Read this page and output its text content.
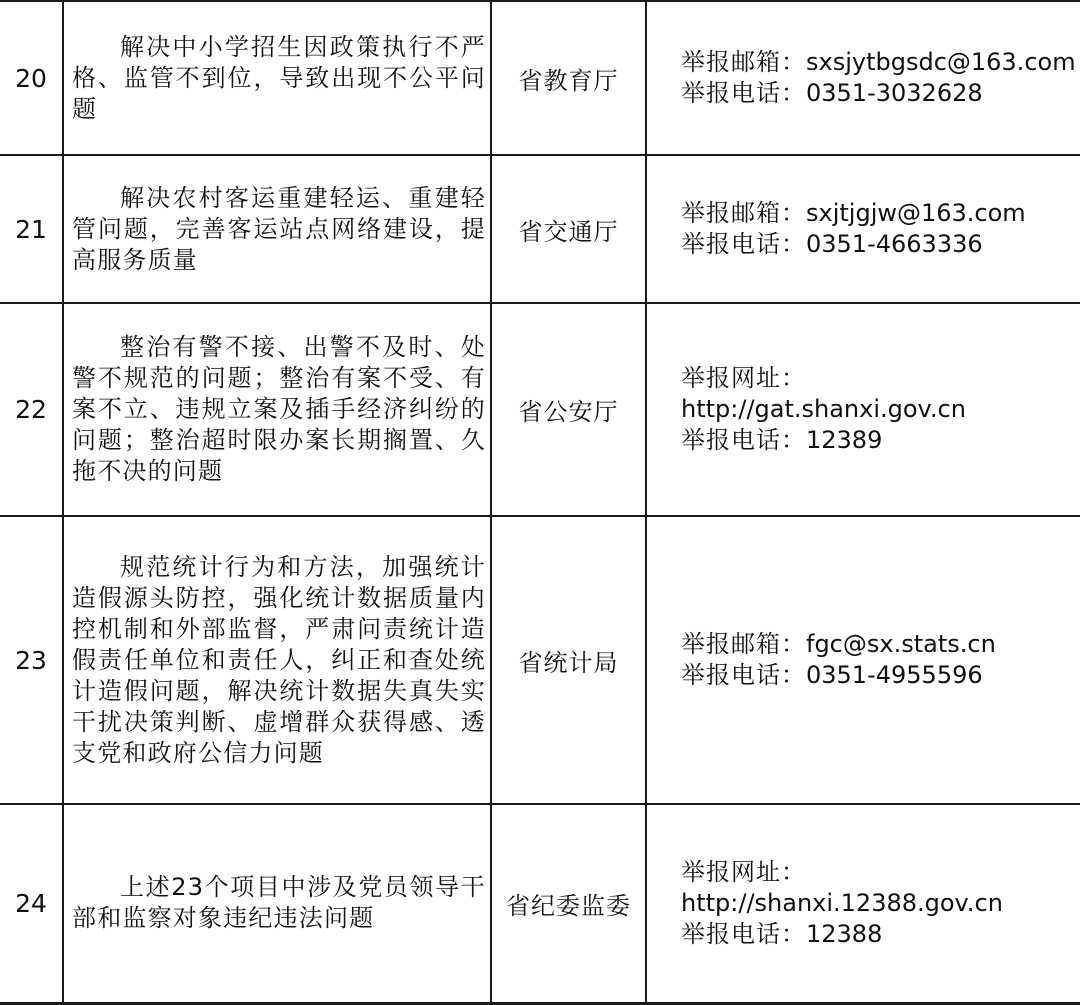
20	解决中小学招生因政策执行不严格、监管不到位，导致出现不公平问题	省教育厅	举报邮箱：sxsjytbgsdc@163.com
举报电话：0351-3032628

21	解决农村客运重建轻运、重建轻管问题，完善客运站点网络建设，提高服务质量	省交通厅	举报邮箱：sxjtjgjw@163.com
举报电话：0351-4663336

22	整治有警不接、出警不及时、处警不规范的问题；整治有案不受、有案不立、违规立案及插手经济纠纷的问题；整治超时限办案长期搁置、久拖不决的问题	省公安厅	举报网址：
http://gat.shanxi.gov.cn
举报电话：12389

23	规范统计行为和方法，加强统计造假源头防控，强化统计数据质量内控机制和外部监督，严肃问责统计造假责任单位和责任人，纠正和查处统计造假问题，解决统计数据失真失实干扰决策判断、虚增群众获得感、透支党和政府公信力问题	省统计局	举报邮箱：fgc@sx.stats.cn
举报电话：0351-4955596

24	上述23个项目中涉及党员领导干部和监察对象违纪违法问题	省纪委监委	举报网址：
http://shanxi.12388.gov.cn
举报电话：12388
